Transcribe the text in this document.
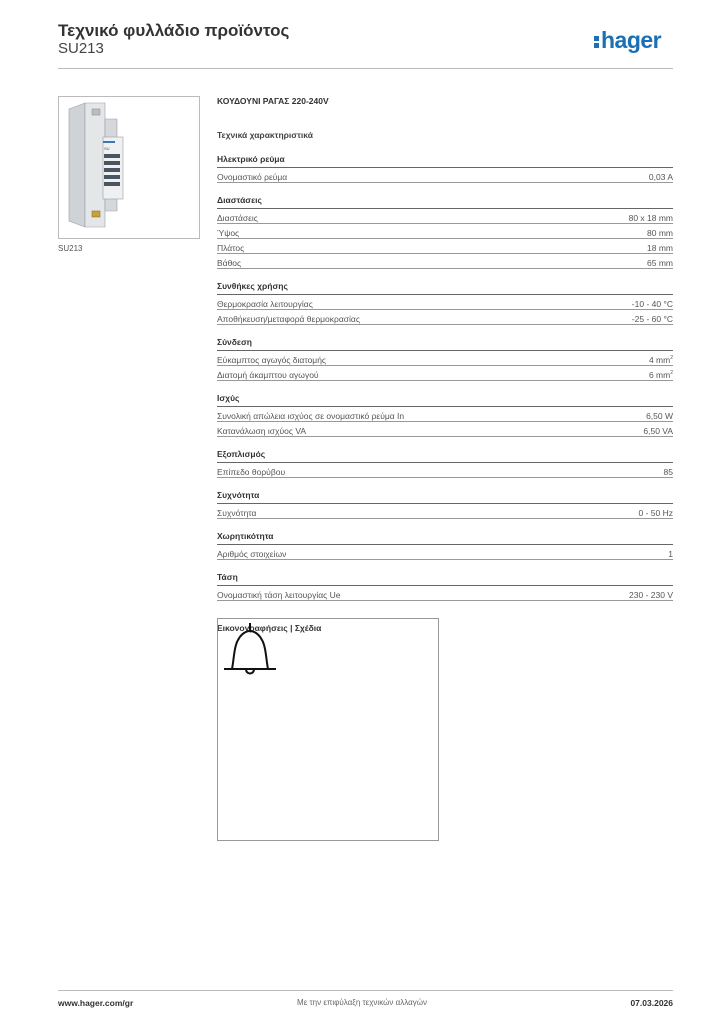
Τεχνικό φυλλάδιο προϊόντος
SU213	hager
SU
SU213
ΚΟΥΔΟΥΝΙ ΡΑΓΑΣ 220-240V
Τεχνικά χαρακτηριστικά
Ηλεκτρικό ρεύμα
Ονομαστικό ρεύμα	0,03 A
Διαστάσεις
Διαστάσεις	80 x 18 mm
Ύψος	80 mm
Πλάτος	18 mm
Βάθος	65 mm
Συνθήκες χρήσης
Θερμοκρασία λειτουργίας	-10 - 40 °C
Αποθήκευση/μεταφορά θερμοκρασίας	-25 - 60 °C
Σύνδεση
Εύκαμπτος αγωγός διατομής	4 $mm^2$
Διατομή άκαμπτου αγωγού	6 $mm^2$
Ισχύς
Συνολική απώλεια ισχύος σε ονομαστικό ρεύμα In	6,50 W
Κατανάλωση ισχύος VA	6,50 VA
Εξοπλισμός
Επίπεδο θορύβου	85
Συχνότητα
Συχνότητα	0 - 50 Hz
Χωρητικότητα
Αριθμός στοιχείων	1
Τάση
Ονομαστική τάση λειτουργίας Ue	230 - 230 V
Εικονογραφήσεις | Σχέδια
www.hager.com/gr	Με την επιφύλαξη τεχνικών αλλαγών	07.03.2026
